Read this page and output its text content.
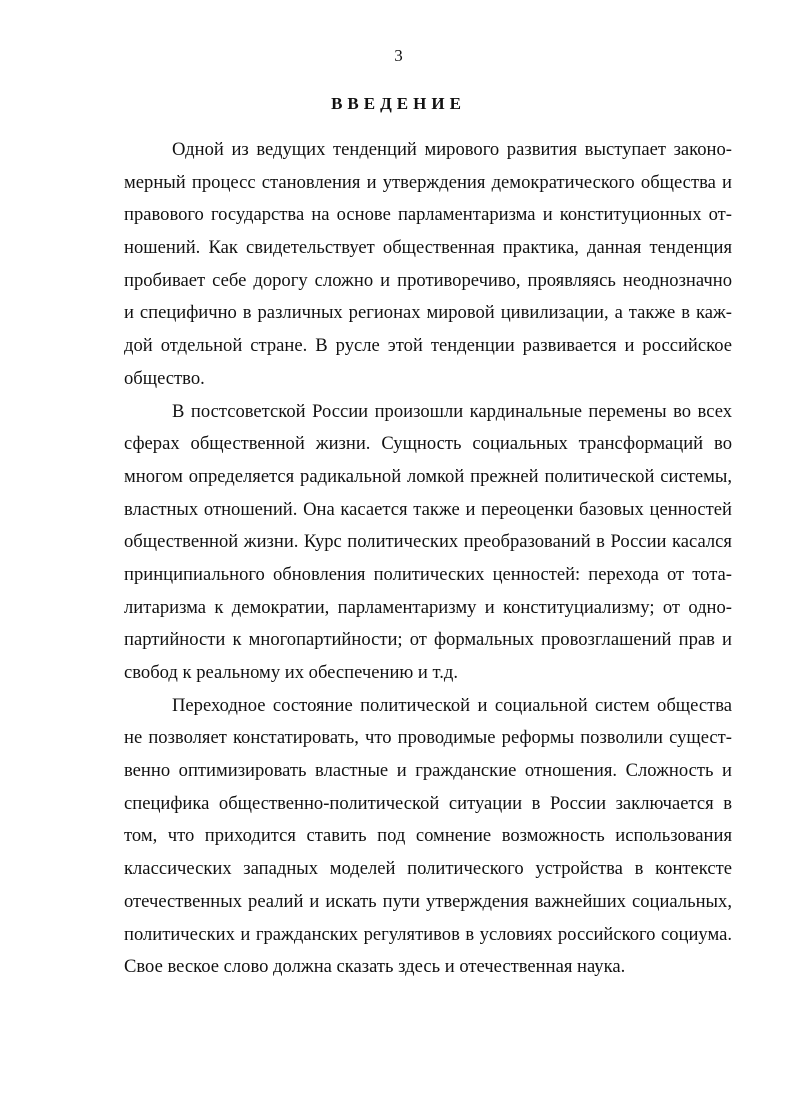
3
ВВЕДЕНИЕ

Одной из ведущих тенденций мирового развития выступает законо-
мерный процесс становления и утверждения демократического общества и
правового государства на основе парламентаризма и конституционных от-
ношений. Как свидетельствует общественная практика, данная тенденция
пробивает себе дорогу сложно и противоречиво, проявляясь неоднозначно
и специфично в различных регионах мировой цивилизации, а также в каж-
дой отдельной стране. В русле этой тенденции развивается и российское
общество.

В постсоветской России произошли кардинальные перемены во всех
сферах общественной жизни. Сущность социальных трансформаций во
многом определяется радикальной ломкой прежней политической системы,
властных отношений. Она касается также и переоценки базовых ценностей
общественной жизни. Курс политических преобразований в России касался
принципиального обновления политических ценностей: перехода от тота-
литаризма к демократии, парламентаризму и конституциализму; от одно-
партийности к многопартийности; от формальных провозглашений прав и
свобод к реальному их обеспечению и т.д.

Переходное состояние политической и социальной систем общества
не позволяет констатировать, что проводимые реформы позволили сущест-
венно оптимизировать властные и гражданские отношения. Сложность и
специфика общественно-политической ситуации в России заключается в
том, что приходится ставить под сомнение возможность использования
классических западных моделей политического устройства в контексте
отечественных реалий и искать пути утверждения важнейших социальных,
политических и гражданских регулятивов в условиях российского социума.
Свое веское слово должна сказать здесь и отечественная наука.
